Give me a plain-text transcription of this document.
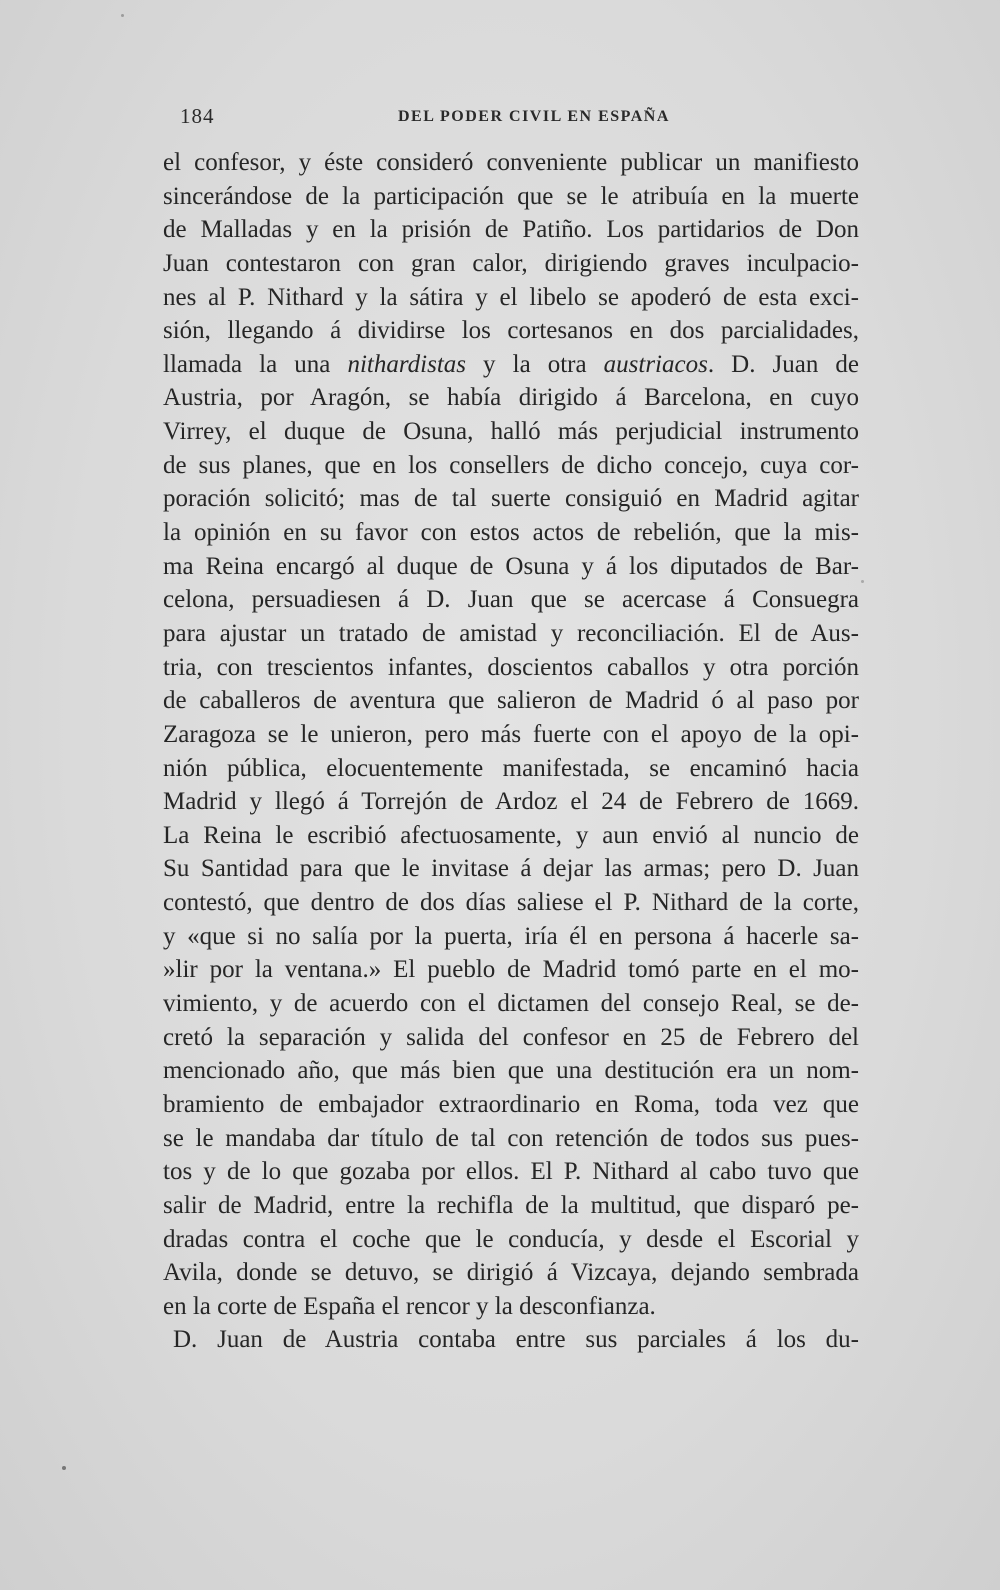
184	DEL PODER CIVIL EN ESPAÑA
el confesor, y éste consideró conveniente publicar un manifiesto
sincerándose de la participación que se le atribuía en la muerte
de Malladas y en la prisión de Patiño. Los partidarios de Don
Juan contestaron con gran calor, dirigiendo graves inculpacio-
nes al P. Nithard y la sátira y el libelo se apoderó de esta exci-
sión, llegando á dividirse los cortesanos en dos parcialidades,
llamada la una nithardistas y la otra austriacos. D. Juan de
Austria, por Aragón, se había dirigido á Barcelona, en cuyo
Virrey, el duque de Osuna, halló más perjudicial instrumento
de sus planes, que en los consellers de dicho concejo, cuya cor-
poración solicitó; mas de tal suerte consiguió en Madrid agitar
la opinión en su favor con estos actos de rebelión, que la mis-
ma Reina encargó al duque de Osuna y á los diputados de Bar-
celona, persuadiesen á D. Juan que se acercase á Consuegra
para ajustar un tratado de amistad y reconciliación. El de Aus-
tria, con trescientos infantes, doscientos caballos y otra porción
de caballeros de aventura que salieron de Madrid ó al paso por
Zaragoza se le unieron, pero más fuerte con el apoyo de la opi-
nión pública, elocuentemente manifestada, se encaminó hacia
Madrid y llegó á Torrejón de Ardoz el 24 de Febrero de 1669.
La Reina le escribió afectuosamente, y aun envió al nuncio de
Su Santidad para que le invitase á dejar las armas; pero D. Juan
contestó, que dentro de dos días saliese el P. Nithard de la corte,
y «que si no salía por la puerta, iría él en persona á hacerle sa-
»lir por la ventana.» El pueblo de Madrid tomó parte en el mo-
vimiento, y de acuerdo con el dictamen del consejo Real, se de-
cretó la separación y salida del confesor en 25 de Febrero del
mencionado año, que más bien que una destitución era un nom-
bramiento de embajador extraordinario en Roma, toda vez que
se le mandaba dar título de tal con retención de todos sus pues-
tos y de lo que gozaba por ellos. El P. Nithard al cabo tuvo que
salir de Madrid, entre la rechifla de la multitud, que disparó pe-
dradas contra el coche que le conducía, y desde el Escorial y
Avila, donde se detuvo, se dirigió á Vizcaya, dejando sembrada
en la corte de España el rencor y la desconfianza.
D. Juan de Austria contaba entre sus parciales á los du-
